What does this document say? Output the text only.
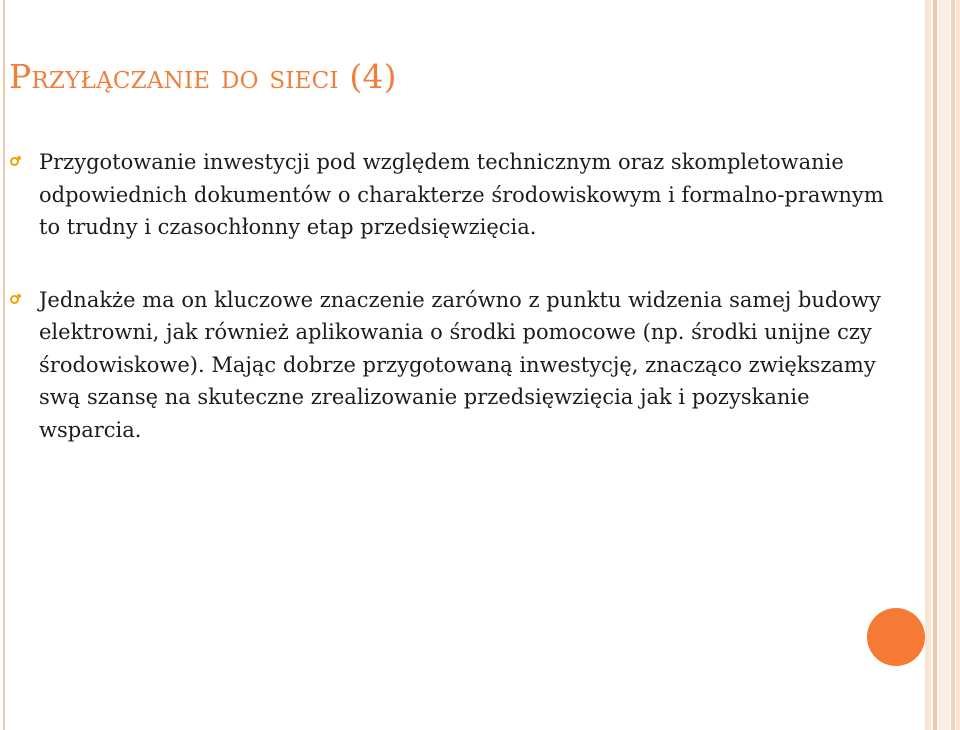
Przyłączanie do sieci (4)
Przygotowanie inwestycji pod względem technicznym oraz skompletowanie odpowiednich dokumentów o charakterze środowiskowym i formalno-prawnym to trudny i czasochłonny etap przedsięwzięcia.
Jednakże ma on kluczowe znaczenie zarówno z punktu widzenia samej budowy elektrowni, jak również aplikowania o środki pomocowe (np. środki unijne czy środowiskowe). Mając dobrze przygotowaną inwestycję, znacząco zwiększamy swą szansę na skuteczne zrealizowanie przedsięwzięcia jak i pozyskanie wsparcia.
